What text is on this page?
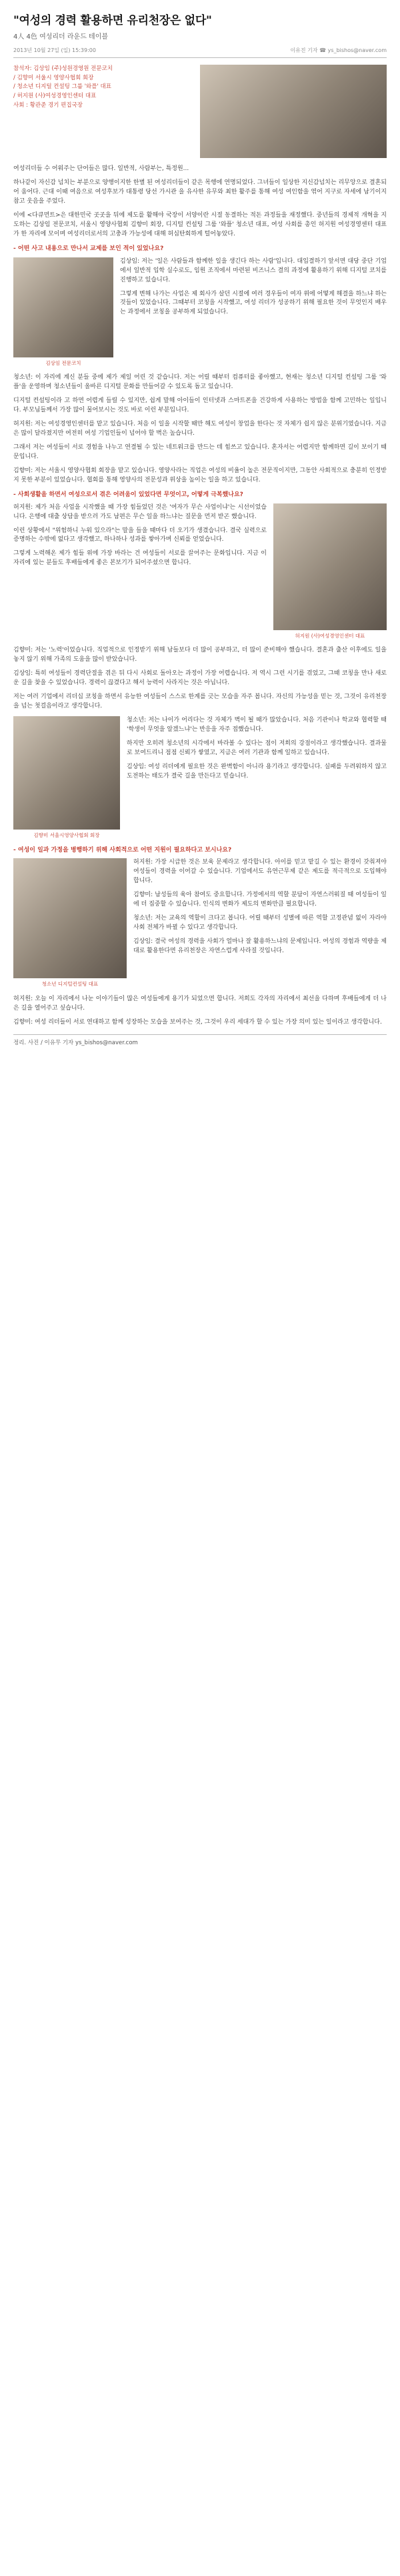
"여성의 경력 활용하면 유리천장은 없다"
4人 4色 여성리더 라운드 테이블
2013년 10월 27일 (일) 15:39:00	이유진 기자 ☎ ys_bishos@naver.com
참석자: 김상임 (주)성원경영원 전문코치
/ 김향미 서울시 영양사협회 회장
/ 청소년 디지털 컨설팅 그룹 '와플' 대표
/ 허지원 (사)여성경영인센터 대표
사회 : 황관준 경기 편집국장

여성리더들 수 어워주는 단어들은 많다. 일반적, 사람부는, 특정원...

하나같이 자신감 넘치는 부분으로 양행이지한 한별 된 여성리더들이 같은 목행에 연명되었다. 그녀들이 일상한 지신감넘치는 리무앙으로 결혼되어 움어다. 근대 이때 여음으로 여성후보가 대통령 당선 가시관 을 유사한 유무와 최한 활주를 통해 여성 여인함을 엮어 지구로 자세에 남기이지 참고 웃음을 주었다.

이에 <다큐먼트>은 대한민국 곳곳을 뒤에 제도를 활해야 국장이 서양이란 시절 동결하는 적돈 과정들을 재정했다. 중년들의 경제적 개혁을 지도하는 김상임 전문코치, 서울시 영양사협회 김향미 회장, 디지털 컨설팅 그룹 '와플' 청소년 대표, 여성 사회를 총인 허지원 여성경영센터 대표가 한 자리에 모이며 여성리더로서의 고충과 가능성에 대해 허심탄회하게 털어놓았다.

- 어떤 사고 내용으로 만나서 교제를 보인 적이 있었나요?
김상임 전문코치

김상임: 저는 '일은 사람들과 함께한 일을 생긴다 하는 사람'입니다. 대입결하기 앞서면 대당 중단 기업에서 일반적 입학 실수로도, 임원 조직에서 마련된 비즈니스 결의 과정에 활용하기 위해 디지털 코치를 진행하고 있습니다.

그렇게 변해 나가는 사업은 제 회사가 살던 시절에 여러 경우들이 여자 위에 어떻게 해결을 하느냐 하는 것들이 있었습니다. 그때부터 코칭을 시작했고, 여성 리더가 성공하기 위해 필요한 것이 무엇인지 배우는 과정에서 코칭을 공부하게 되었습니다.

청소년: 이 자리에 계신 분들 중에 제가 제일 어린 것 같습니다. 저는 어릴 때부터 컴퓨터를 좋아했고, 현재는 청소년 디지털 컨설팅 그룹 '와플'을 운영하며 청소년들이 올바른 디지털 문화를 만들어갈 수 있도록 돕고 있습니다.

디지털 컨설팅이라 고 하면 어렵게 들릴 수 있지만, 쉽게 말해 아이들이 인터넷과 스마트폰을 건강하게 사용하는 방법을 함께 고민하는 일입니다. 부모님들께서 가장 많이 물어보시는 것도 바로 이런 부분입니다.

허지원: 저는 여성경영인센터를 맡고 있습니다. 처음 이 일을 시작할 때만 해도 여성이 창업을 한다는 것 자체가 쉽지 않은 분위기였습니다. 지금은 많이 달라졌지만 여전히 여성 기업인들이 넘어야 할 벽은 높습니다.

그래서 저는 여성들이 서로 경험을 나누고 연결될 수 있는 네트워크를 만드는 데 힘쓰고 있습니다. 혼자서는 어렵지만 함께하면 길이 보이기 때문입니다.

김향미: 저는 서울시 영양사협회 회장을 맡고 있습니다. 영양사라는 직업은 여성의 비율이 높은 전문직이지만, 그동안 사회적으로 충분히 인정받지 못한 부분이 있었습니다. 협회를 통해 영양사의 전문성과 위상을 높이는 일을 하고 있습니다.

- 사회생활을 하면서 여성으로서 겪은 어려움이 있었다면 무엇이고, 어떻게 극복했나요?

허지원: 제가 처음 사업을 시작했을 때 가장 힘들었던 것은 '여자가 무슨 사업이냐'는 시선이었습니다. 은행에 대출 상담을 받으러 가도 남편은 무슨 일을 하느냐는 질문을 먼저 받곤 했습니다.

이런 상황에서 "위험하니 누워 있으라"는 말을 들을 때마다 더 오기가 생겼습니다. 결국 실력으로 증명하는 수밖에 없다고 생각했고, 하나하나 성과를 쌓아가며 신뢰를 얻었습니다.

그렇게 노력해온 제가 힘들 위에 가장 바라는 건 여성들이 서로를 끌어주는 문화입니다. 지금 이 자리에 있는 분들도 후배들에게 좋은 본보기가 되어주셨으면 합니다.

허지원 (사)여성경영인센터 대표

김향미: 저는 '노력'이었습니다. 직업적으로 인정받기 위해 남들보다 더 많이 공부하고, 더 많이 준비해야 했습니다. 결혼과 출산 이후에도 일을 놓지 않기 위해 가족의 도움을 많이 받았습니다.

김상임: 특히 여성들이 경력단절을 겪은 뒤 다시 사회로 돌아오는 과정이 가장 어렵습니다. 저 역시 그런 시기를 겪었고, 그때 코칭을 만나 새로운 길을 찾을 수 있었습니다. 경력이 끊겼다고 해서 능력이 사라지는 것은 아닙니다.

저는 여러 기업에서 리더십 코칭을 하면서 유능한 여성들이 스스로 한계를 긋는 모습을 자주 봅니다. 자신의 가능성을 믿는 것, 그것이 유리천장을 넘는 첫걸음이라고 생각합니다.

김향미 서울시영양사협회 회장

청소년: 저는 나이가 어리다는 것 자체가 벽이 될 때가 많았습니다. 처음 기관이나 학교와 협력할 때 '학생이 무엇을 알겠느냐'는 반응을 자주 접했습니다.

하지만 오히려 청소년의 시각에서 바라볼 수 있다는 점이 저희의 강점이라고 생각했습니다. 결과물로 보여드리니 점점 신뢰가 쌓였고, 지금은 여러 기관과 함께 일하고 있습니다.

김상임: 여성 리더에게 필요한 것은 완벽함이 아니라 용기라고 생각합니다. 실패를 두려워하지 않고 도전하는 태도가 결국 길을 만든다고 믿습니다.

- 여성이 일과 가정을 병행하기 위해 사회적으로 어떤 지원이 필요하다고 보시나요?
청소년 디지털컨설팅 대표

허지원: 가장 시급한 것은 보육 문제라고 생각합니다. 아이를 믿고 맡길 수 있는 환경이 갖춰져야 여성들이 경력을 이어갈 수 있습니다. 기업에서도 유연근무제 같은 제도를 적극적으로 도입해야 합니다.

김향미: 남성들의 육아 참여도 중요합니다. 가정에서의 역할 분담이 자연스러워질 때 여성들이 일에 더 집중할 수 있습니다. 인식의 변화가 제도의 변화만큼 필요합니다.

청소년: 저는 교육의 역할이 크다고 봅니다. 어릴 때부터 성별에 따른 역할 고정관념 없이 자라야 사회 전체가 바뀔 수 있다고 생각합니다.

김상임: 결국 여성의 경력을 사회가 얼마나 잘 활용하느냐의 문제입니다. 여성의 경험과 역량을 제대로 활용한다면 유리천장은 자연스럽게 사라질 것입니다.

허지원: 오늘 이 자리에서 나눈 이야기들이 많은 여성들에게 용기가 되었으면 합니다. 저희도 각자의 자리에서 최선을 다하며 후배들에게 더 나은 길을 열어주고 싶습니다.

김향미: 여성 리더들이 서로 연대하고 함께 성장하는 모습을 보여주는 것, 그것이 우리 세대가 할 수 있는 가장 의미 있는 일이라고 생각합니다.

정리. 사진 / 이유무 기자 ys_bishos@naver.com
